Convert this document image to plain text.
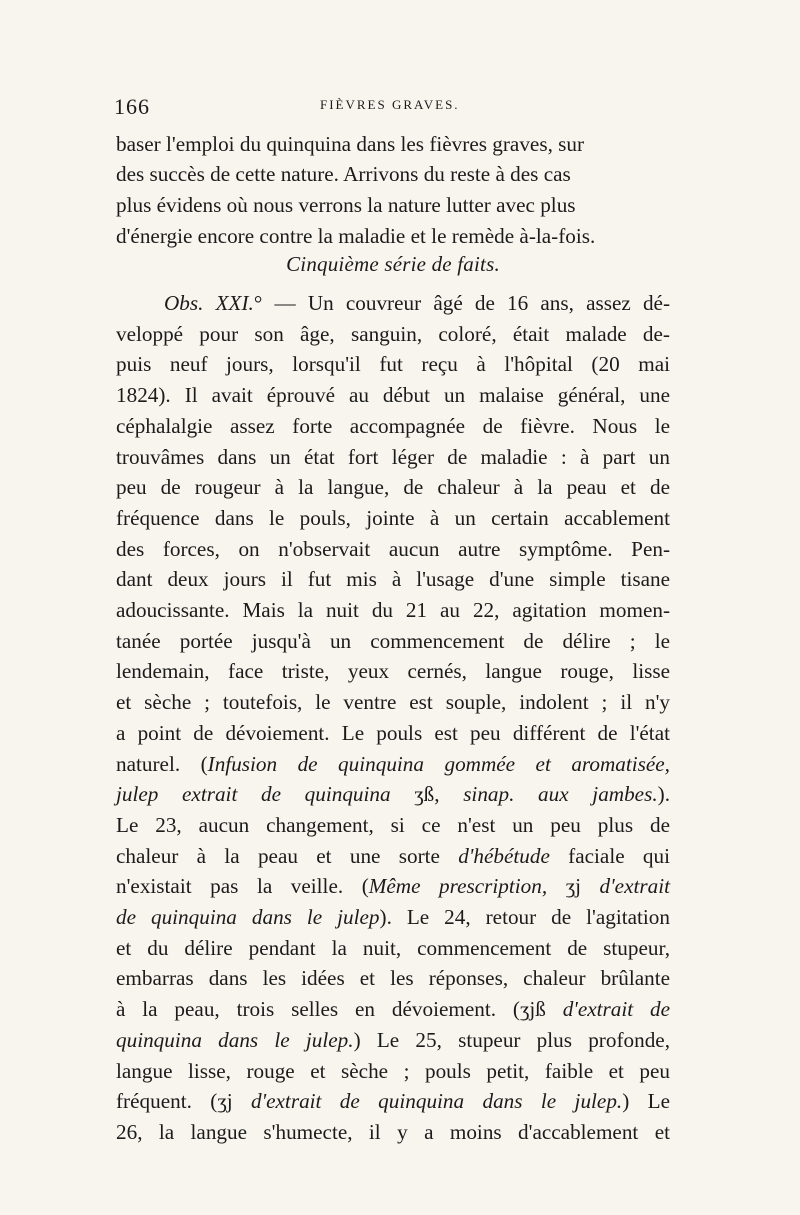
166	FIÈVRES GRAVES.
baser l'emploi du quinquina dans les fièvres graves, sur
des succès de cette nature. Arrivons du reste à des cas
plus évidens où nous verrons la nature lutter avec plus
d'énergie encore contre la maladie et le remède à-la-fois.
Cinquième série de faits.
Obs. XXI.° — Un couvreur âgé de 16 ans, assez dé-
veloppé pour son âge, sanguin, coloré, était malade de-
puis neuf jours, lorsqu'il fut reçu à l'hôpital (20 mai
1824). Il avait éprouvé au début un malaise général, une
céphalalgie assez forte accompagnée de fièvre. Nous le
trouvâmes dans un état fort léger de maladie : à part un
peu de rougeur à la langue, de chaleur à la peau et de
fréquence dans le pouls, jointe à un certain accablement
des forces, on n'observait aucun autre symptôme. Pen-
dant deux jours il fut mis à l'usage d'une simple tisane
adoucissante. Mais la nuit du 21 au 22, agitation momen-
tanée portée jusqu'à un commencement de délire ; le
lendemain, face triste, yeux cernés, langue rouge, lisse
et sèche ; toutefois, le ventre est souple, indolent ; il n'y
a point de dévoiement. Le pouls est peu différent de l'état
naturel. (Infusion de quinquina gommée et aromatisée,
julep extrait de quinquina ʒß, sinap. aux jambes.).
Le 23, aucun changement, si ce n'est un peu plus de
chaleur à la peau et une sorte d'hébétude faciale qui
n'existait pas la veille. (Même prescription, ʒj d'extrait
de quinquina dans le julep). Le 24, retour de l'agitation
et du délire pendant la nuit, commencement de stupeur,
embarras dans les idées et les réponses, chaleur brûlante
à la peau, trois selles en dévoiement. (ʒjß d'extrait de
quinquina dans le julep.) Le 25, stupeur plus profonde,
langue lisse, rouge et sèche ; pouls petit, faible et peu
fréquent. (ʒj d'extrait de quinquina dans le julep.) Le
26, la langue s'humecte, il y a moins d'accablement et
